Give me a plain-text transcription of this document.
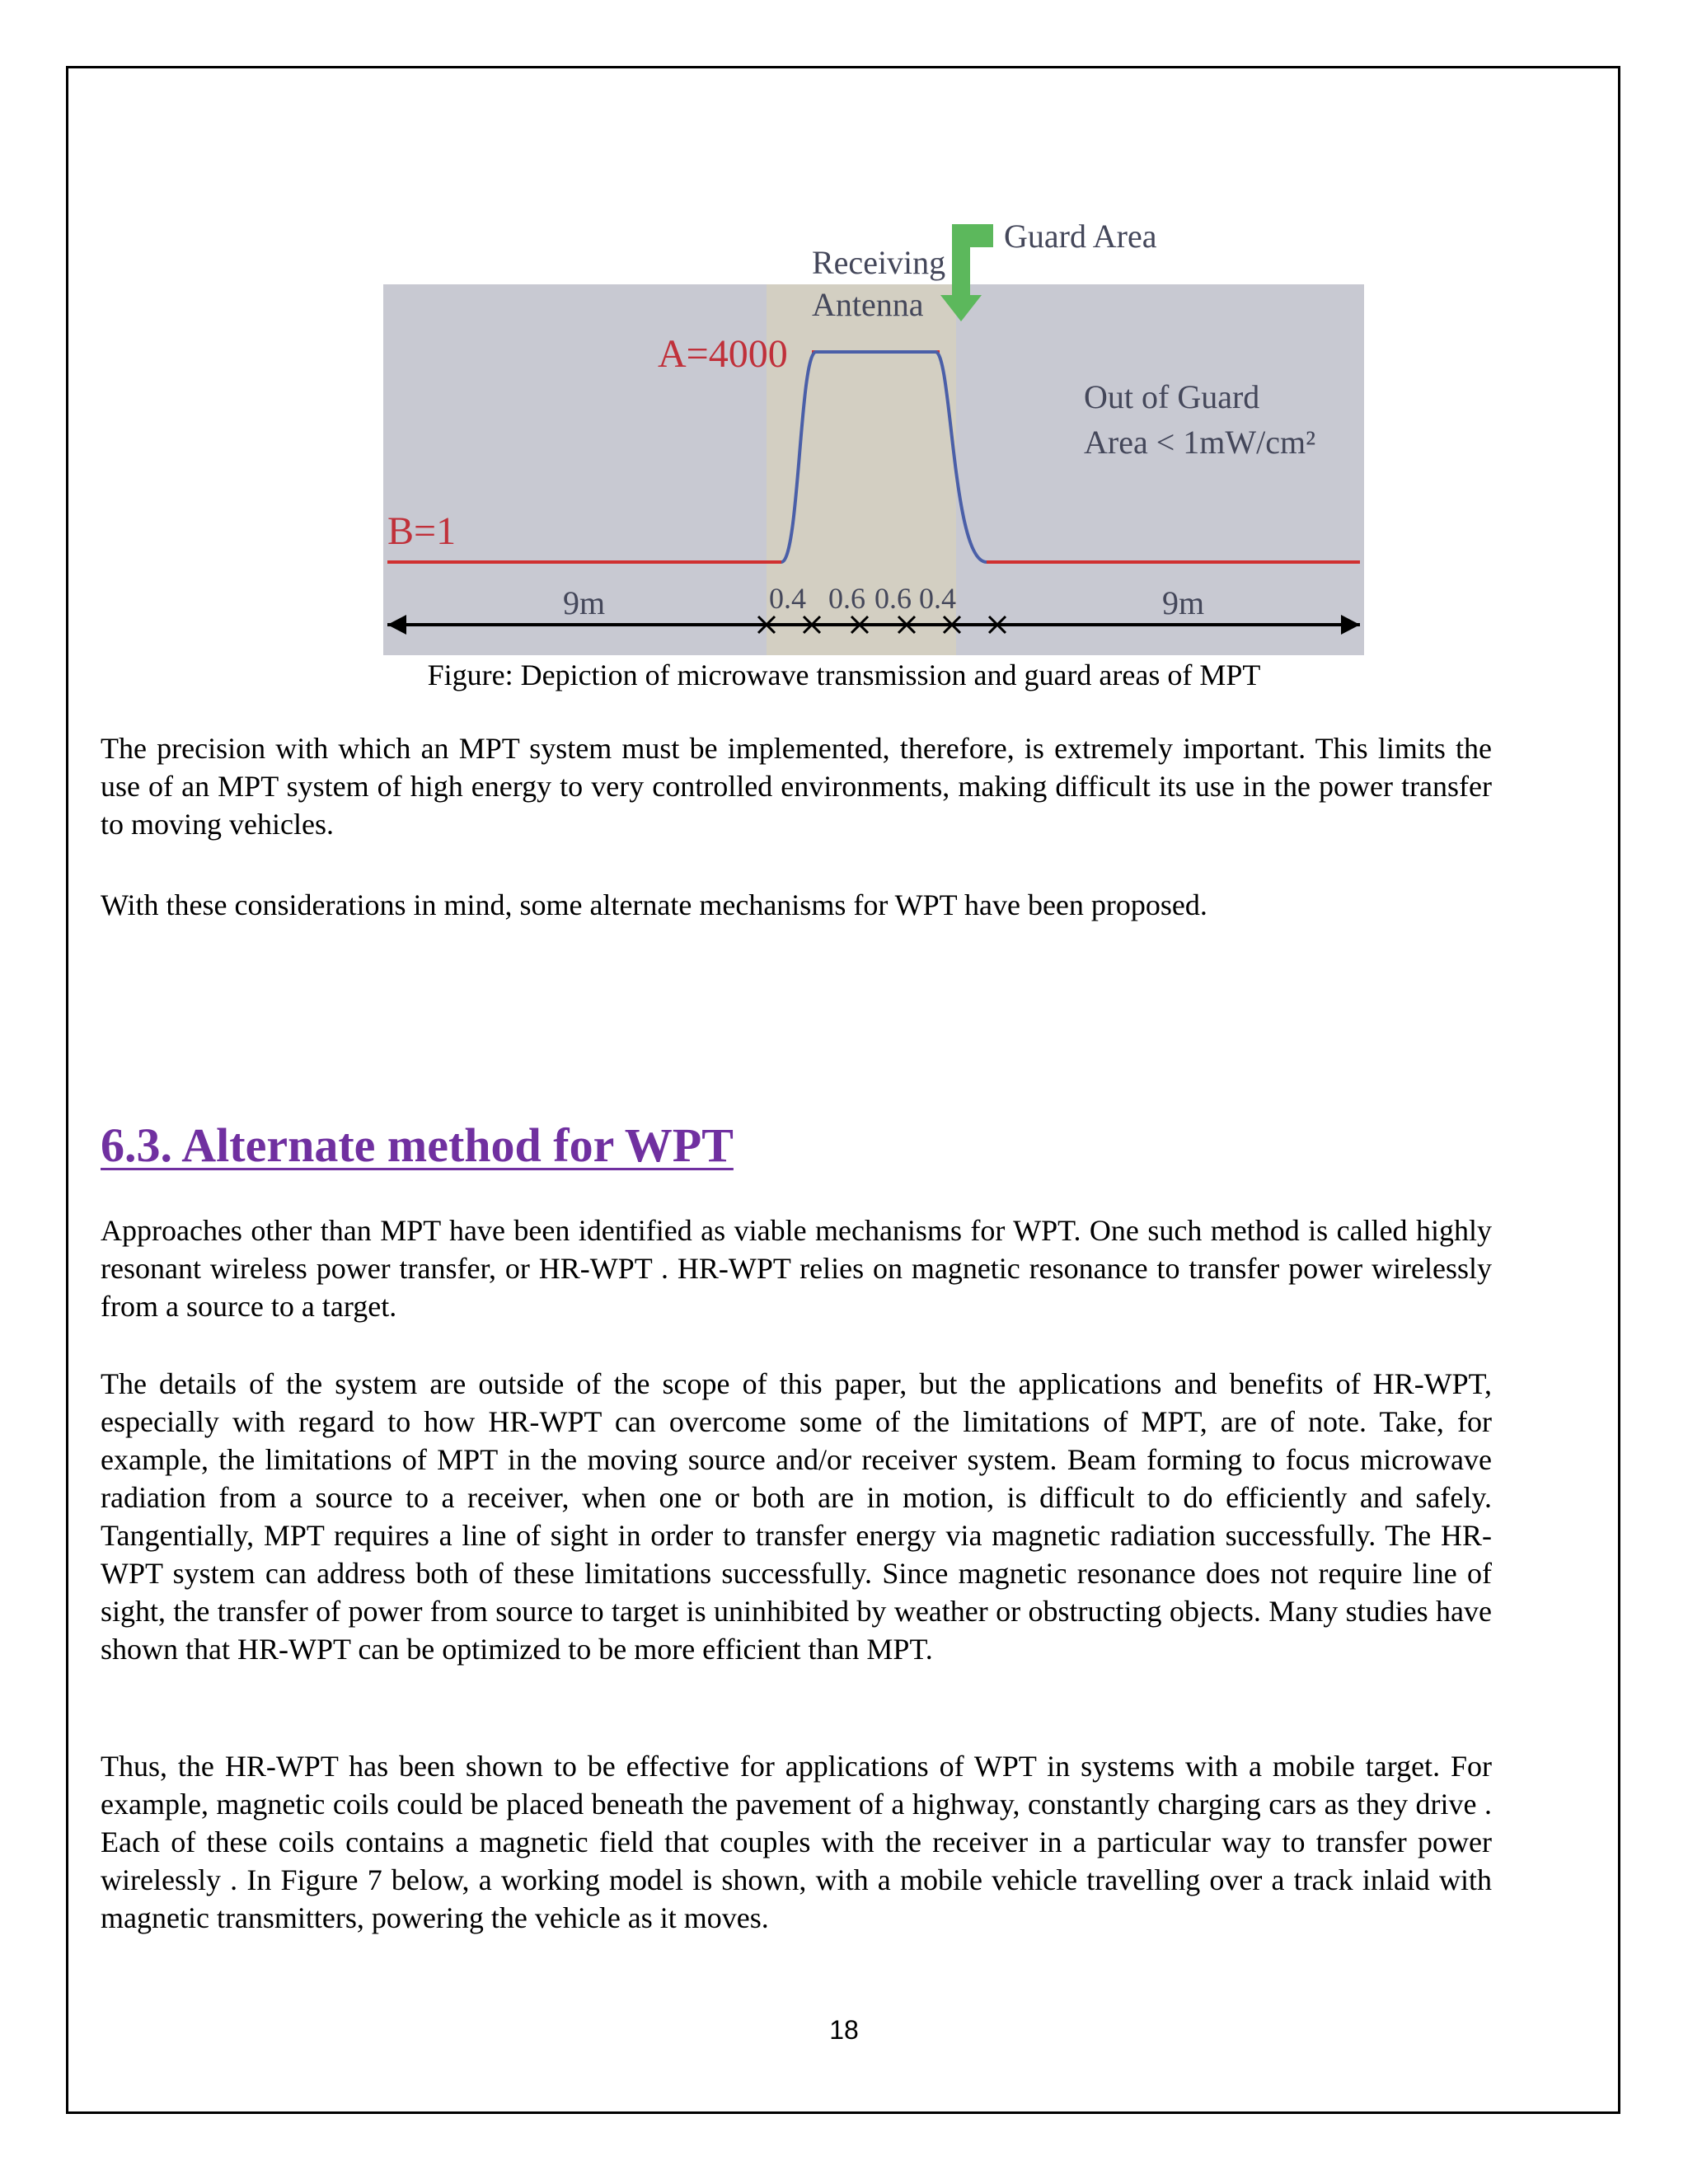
Receiving
Antenna
Guard Area
A=4000
B=1
Out of Guard
Area < 1mW/cm²
9m	9m
0.4 0.6 0.6 0.4
Figure: Depiction of microwave transmission and guard areas of MPT

The precision with which an MPT system must be implemented, therefore, is extremely important. This limits the use of an MPT system of high energy to very controlled environments, making difficult its use in the power transfer to moving vehicles.

With these considerations in mind, some alternate mechanisms for WPT have been proposed.

6.3. Alternate method for WPT

Approaches other than MPT have been identified as viable mechanisms for WPT. One such method is called highly resonant wireless power transfer, or HR-WPT . HR-WPT relies on magnetic resonance to transfer power wirelessly from a source to a target.

The details of the system are outside of the scope of this paper, but the applications and benefits of HR-WPT, especially with regard to how HR-WPT can overcome some of the limitations of MPT, are of note. Take, for example, the limitations of MPT in the moving source and/or receiver system. Beam forming to focus microwave radiation from a source to a receiver, when one or both are in motion, is difficult to do efficiently and safely. Tangentially, MPT requires a line of sight in order to transfer energy via magnetic radiation successfully. The HR-WPT system can address both of these limitations successfully. Since magnetic resonance does not require line of sight, the transfer of power from source to target is uninhibited by weather or obstructing objects. Many studies have shown that HR-WPT can be optimized to be more efficient than MPT.

Thus, the HR-WPT has been shown to be effective for applications of WPT in systems with a mobile target. For example, magnetic coils could be placed beneath the pavement of a highway, constantly charging cars as they drive . Each of these coils contains a magnetic field that couples with the receiver in a particular way to transfer power wirelessly . In Figure 7 below, a working model is shown, with a mobile vehicle travelling over a track inlaid with magnetic transmitters, powering the vehicle as it moves.

18
